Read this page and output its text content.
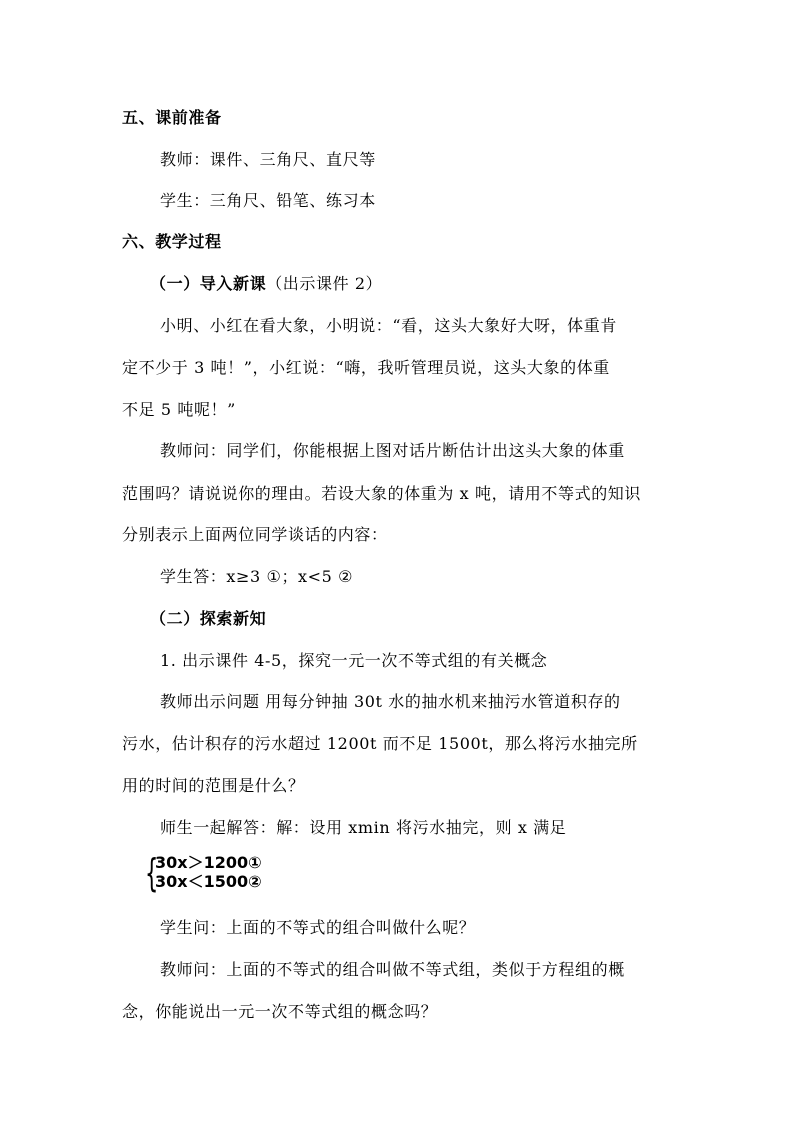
五、课前准备
教师：课件、三角尺、直尺等
学生：三角尺、铅笔、练习本
六、教学过程
（一）导入新课（出示课件 2）
小明、小红在看大象，小明说：“看，这头大象好大呀，体重肯
定不少于 3 吨！”，小红说：“嗨，我听管理员说，这头大象的体重
不足 5 吨呢！”
教师问：同学们，你能根据上图对话片断估计出这头大象的体重
范围吗？请说说你的理由。若设大象的体重为 x 吨，请用不等式的知识
分别表示上面两位同学谈话的内容：
学生答：x≥3 ①；x<5 ②
（二）探索新知
1. 出示课件 4-5，探究一元一次不等式组的有关概念
教师出示问题 用每分钟抽 30t 水的抽水机来抽污水管道积存的
污水，估计积存的污水超过 1200t 而不足 1500t，那么将污水抽完所
用的时间的范围是什么？
师生一起解答：解：设用 xmin 将污水抽完，则 x 满足
{
30x＞1200①
30x＜1500②
学生问：上面的不等式的组合叫做什么呢？
教师问：上面的不等式的组合叫做不等式组，类似于方程组的概
念，你能说出一元一次不等式组的概念吗？
